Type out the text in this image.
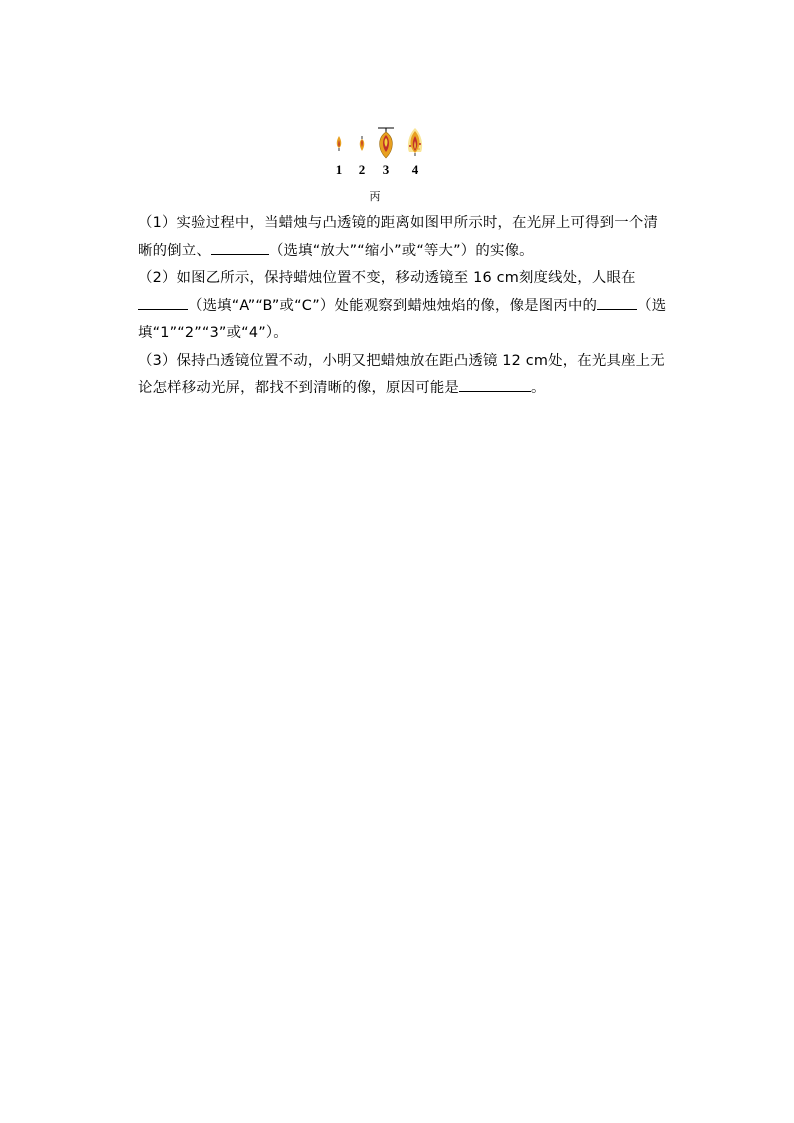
1 2 3 4
丙

（1）实验过程中，当蜡烛与凸透镜的距离如图甲所示时，在光屏上可得到一个清晰的倒立、	（选填“放大”“缩小”或“等大”）的实像。

（2）如图乙所示，保持蜡烛位置不变，移动透镜至 16 cm刻度线处，人眼在（选填“A”“B”或“C”）处能观察到蜡烛烛焰的像，像是图丙中的	（选填“1”“2”“3”或“4”）。

（3）保持凸透镜位置不动，小明又把蜡烛放在距凸透镜 12 cm处，在光具座上无论怎样移动光屏，都找不到清晰的像，原因可能是	。
